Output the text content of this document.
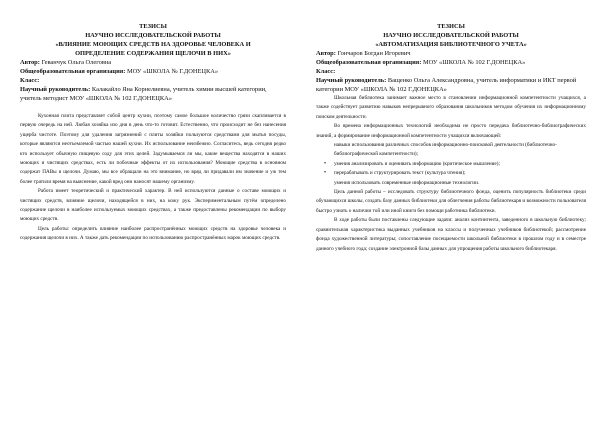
ТЕЗИСЫ
НАУЧНО ИССЛЕДОВАТЕЛЬСКОЙ РАБОТЫ
«ВЛИЯНИЕ МОЮЩИХ СРЕДСТВ НА ЗДОРОВЬЕ ЧЕЛОВЕКА И
ОПРЕДЕЛЕНИЕ СОДЕРЖАНИЯ ЩЕЛОЧИ В НИХ»

Автор: Геванчук Ольга Олеговна

Общеобразовательная организация: МОУ «ШКОЛА № Г.ДОНЕЦКА»

Класс:

Научный руководитель: Калакайло Яна Корнелиевна, учитель химии высшей категории, учитель методист МОУ «ШКОЛА № 102 Г.ДОНЕЦКА»

Кухонная плита представляет собой центр кухни, поэтому самое большое количество грязи скапливается в первую очередь на ней. Любая хозяйка изо дня в день что-то готовит. Естественно, что происходит не без нанесения ущерба чистоте. Поэтому для удаления загрязнений с плиты хозяйки пользуются средствами для мытья посуды, которые являются неотъемлемой частью нашей кухни. Их использование неизбежно. Согласитесь, ведь сегодня редко кто использует обычную пищевую соду для этих целей. Задумываемся ли мы, какие вещества находятся в наших моющих и чистящих средствах, есть ли побочные эффекты от их использования? Моющие средства в основном содержат ПАВы и щелочи. Думаю, мы все обращали на это внимание, но вряд ли придавали им значение и уж тем более тратили время на выяснение, какой вред они наносят нашему организму.

Работа имеет теоретический и практический характер. В ней используются данные о составе моющих и чистящих средств, влияние щелочи, находящейся в них, на кожу рук. Экспериментальным путём определено содержание щелочи в наиболее используемых моющих средствах, а также предоставлены рекомендации по выбору моющих средств.

Цель работы: определить влияние наиболее распространённых моющих средств на здоровье человека и содержания щелочи в них. А также дать рекомендации по использованию распространённых марок моющих средств.

ТЕЗИСЫ
НАУЧНО ИССЛЕДОВАТЕЛЬСКОЙ РАБОТЫ
«АВТОМАТИЗАЦИЯ БИБЛИОТЕЧНОГО УЧЕТА»

Автор: Гончаров Богдан Игоревич

Общеобразовательная организация: МОУ «ШКОЛА № 102 Г.ДОНЕЦКА»

Класс:

Научный руководитель: Ващенко Ольга Александровна, учитель информатики и ИКТ первой категории МОУ «ШКОЛА № 102 Г.ДОНЕЦКА»

Школьная библиотека занимает важное место в становлении информационной компетентности учащихся, а также содействует развитию навыков непрерывного образования школьников методом обучения их информационному поиском деятельности.

Во времена информационных технологий необходима не просто передача библиотечно-библиографических знаний, а формирование информационной компетентности учащихся включающей:

навыки использования различных способов информационно-поисковой деятельности (библиотечно-библиографической компетентности);

• умения анализировать и оценивать информацию (критическое мышление);
• перерабатывать и структурировать текст (культура чтения);

умения использовать современные информационные технологии.

Цель данной работы – исследовать структуру библиотечного фонда, оценить популярность библиотеки среди обучающихся школы, создать базу данных библиотеки для облегчения работы библиотекаря и возможности пользователя быстро узнать о наличии той или иной книги без помощи работника библиотеки.

В ходе работы были поставлены следующие задачи: анализ контингента, заведенного в школьную библиотеку; сравнительная характеристика выданных учебников на классы и полученных учебников библиотекой; рассмотрение фонда художественной литературы; сопоставление посещаемости школьной библиотеки в прошлом году и в семестре данного учебного года; создание электронной базы данных для упрощения работы школьного библиотекаря.
